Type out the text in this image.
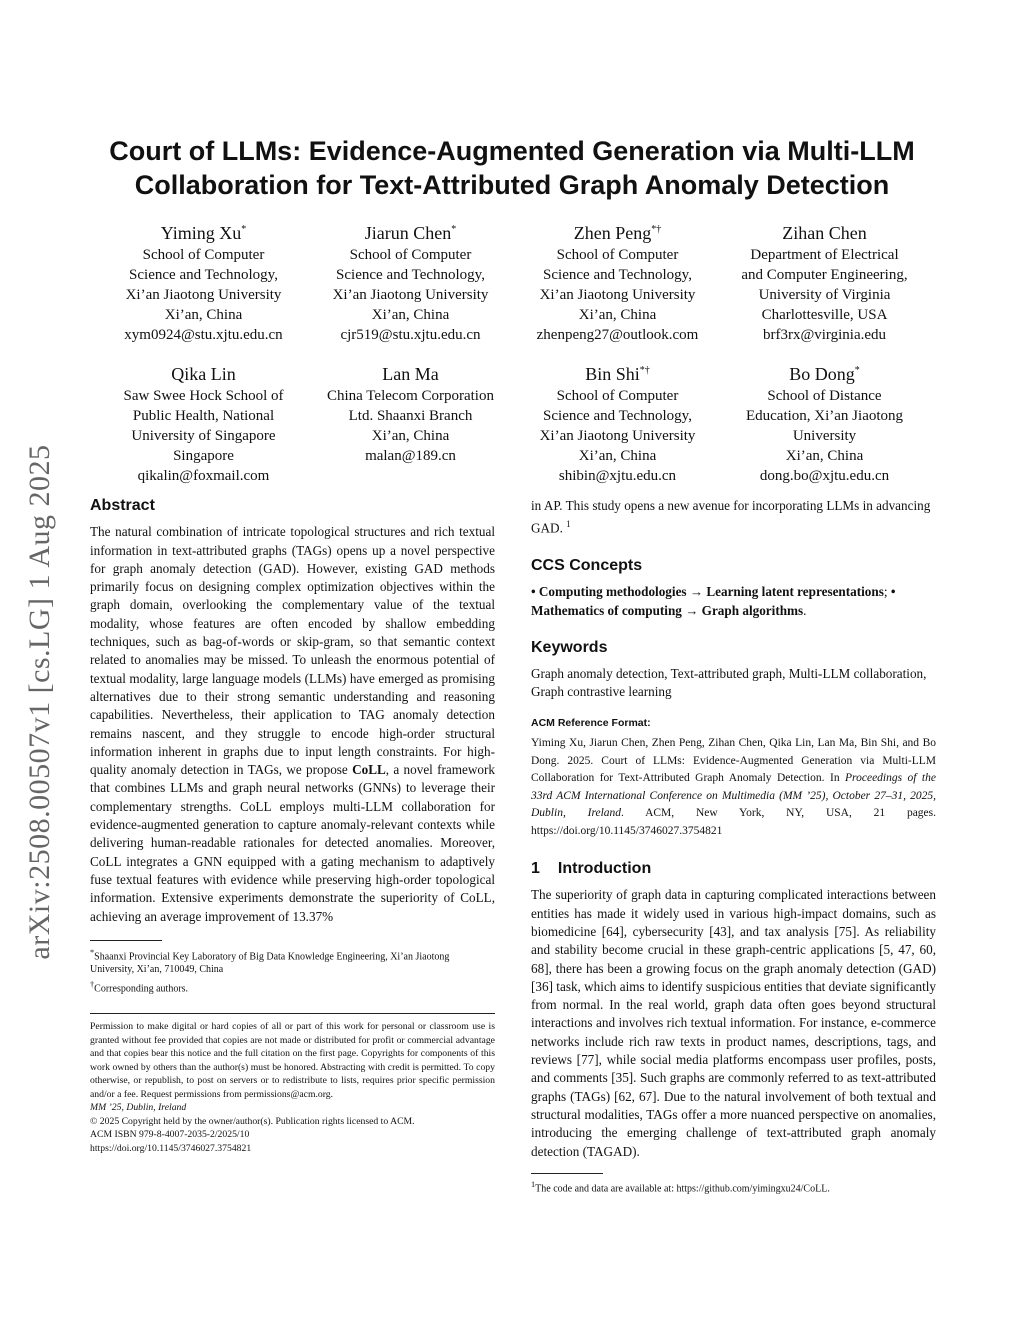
arXiv:2508.00507v1 [cs.LG] 1 Aug 2025
Court of LLMs: Evidence-Augmented Generation via Multi-LLM
Collaboration for Text-Attributed Graph Anomaly Detection
Yiming Xu*
School of Computer
Science and Technology,
Xi’an Jiaotong University
Xi’an, China
xym0924@stu.xjtu.edu.cn
Jiarun Chen*
School of Computer
Science and Technology,
Xi’an Jiaotong University
Xi’an, China
cjr519@stu.xjtu.edu.cn
Zhen Peng*†
School of Computer
Science and Technology,
Xi’an Jiaotong University
Xi’an, China
zhenpeng27@outlook.com
Zihan Chen
Department of Electrical
and Computer Engineering,
University of Virginia
Charlottesville, USA
brf3rx@virginia.edu
Qika Lin
Saw Swee Hock School of
Public Health, National
University of Singapore
Singapore
qikalin@foxmail.com
Lan Ma
China Telecom Corporation
Ltd. Shaanxi Branch
Xi’an, China
malan@189.cn
Bin Shi*†
School of Computer
Science and Technology,
Xi’an Jiaotong University
Xi’an, China
shibin@xjtu.edu.cn
Bo Dong*
School of Distance
Education, Xi’an Jiaotong
University
Xi’an, China
dong.bo@xjtu.edu.cn
Abstract

The natural combination of intricate topological structures and rich textual information in text-attributed graphs (TAGs) opens up a novel perspective for graph anomaly detection (GAD). However, existing GAD methods primarily focus on designing complex optimization objectives within the graph domain, overlooking the complementary value of the textual modality, whose features are often encoded by shallow embedding techniques, such as bag-of-words or skip-gram, so that semantic context related to anomalies may be missed. To unleash the enormous potential of textual modality, large language models (LLMs) have emerged as promising alternatives due to their strong semantic understanding and reasoning capabilities. Nevertheless, their application to TAG anomaly detection remains nascent, and they struggle to encode high-order structural information inherent in graphs due to input length constraints. For high-quality anomaly detection in TAGs, we propose CoLL, a novel framework that combines LLMs and graph neural networks (GNNs) to leverage their complementary strengths. CoLL employs multi-LLM collaboration for evidence-augmented generation to capture anomaly-relevant contexts while delivering human-readable rationales for detected anomalies. Moreover, CoLL integrates a GNN equipped with a gating mechanism to adaptively fuse textual features with evidence while preserving high-order topological information. Extensive experiments demonstrate the superiority of CoLL, achieving an average improvement of 13.37%

*Shaanxi Provincial Key Laboratory of Big Data Knowledge Engineering, Xi’an Jiaotong University, Xi’an, 710049, China
†Corresponding authors.

Permission to make digital or hard copies of all or part of this work for personal or classroom use is granted without fee provided that copies are not made or distributed for profit or commercial advantage and that copies bear this notice and the full citation on the first page. Copyrights for components of this work owned by others than the author(s) must be honored. Abstracting with credit is permitted. To copy otherwise, or republish, to post on servers or to redistribute to lists, requires prior specific permission and/or a fee. Request permissions from permissions@acm.org.

MM ’25, Dublin, Ireland
© 2025 Copyright held by the owner/author(s). Publication rights licensed to ACM.
ACM ISBN 979-8-4007-2035-2/2025/10
https://doi.org/10.1145/3746027.3754821

in AP. This study opens a new avenue for incorporating LLMs in advancing GAD. $^1$

CCS Concepts
• Computing methodologies → Learning latent representations; • Mathematics of computing → Graph algorithms.
Keywords

Graph anomaly detection, Text-attributed graph, Multi-LLM collaboration, Graph contrastive learning

ACM Reference Format:
Yiming Xu, Jiarun Chen, Zhen Peng, Zihan Chen, Qika Lin, Lan Ma, Bin Shi, and Bo Dong. 2025. Court of LLMs: Evidence-Augmented Generation via Multi-LLM Collaboration for Text-Attributed Graph Anomaly Detection. In Proceedings of the 33rd ACM International Conference on Multimedia (MM ’25), October 27–31, 2025, Dublin, Ireland. ACM, New York, NY, USA, 21 pages. https://doi.org/10.1145/3746027.3754821
1 Introduction

The superiority of graph data in capturing complicated interactions between entities has made it widely used in various high-impact domains, such as biomedicine [64], cybersecurity [43], and tax analysis [75]. As reliability and stability become crucial in these graph-centric applications [5, 47, 60, 68], there has been a growing focus on the graph anomaly detection (GAD) [36] task, which aims to identify suspicious entities that deviate significantly from normal. In the real world, graph data often goes beyond structural interactions and involves rich textual information. For instance, e-commerce networks include rich raw texts in product names, descriptions, tags, and reviews [77], while social media platforms encompass user profiles, posts, and comments [35]. Such graphs are commonly referred to as text-attributed graphs (TAGs) [62, 67]. Due to the natural involvement of both textual and structural modalities, TAGs offer a more nuanced perspective on anomalies, introducing the emerging challenge of text-attributed graph anomaly detection (TAGAD).

$^1$The code and data are available at: https://github.com/yimingxu24/CoLL.
